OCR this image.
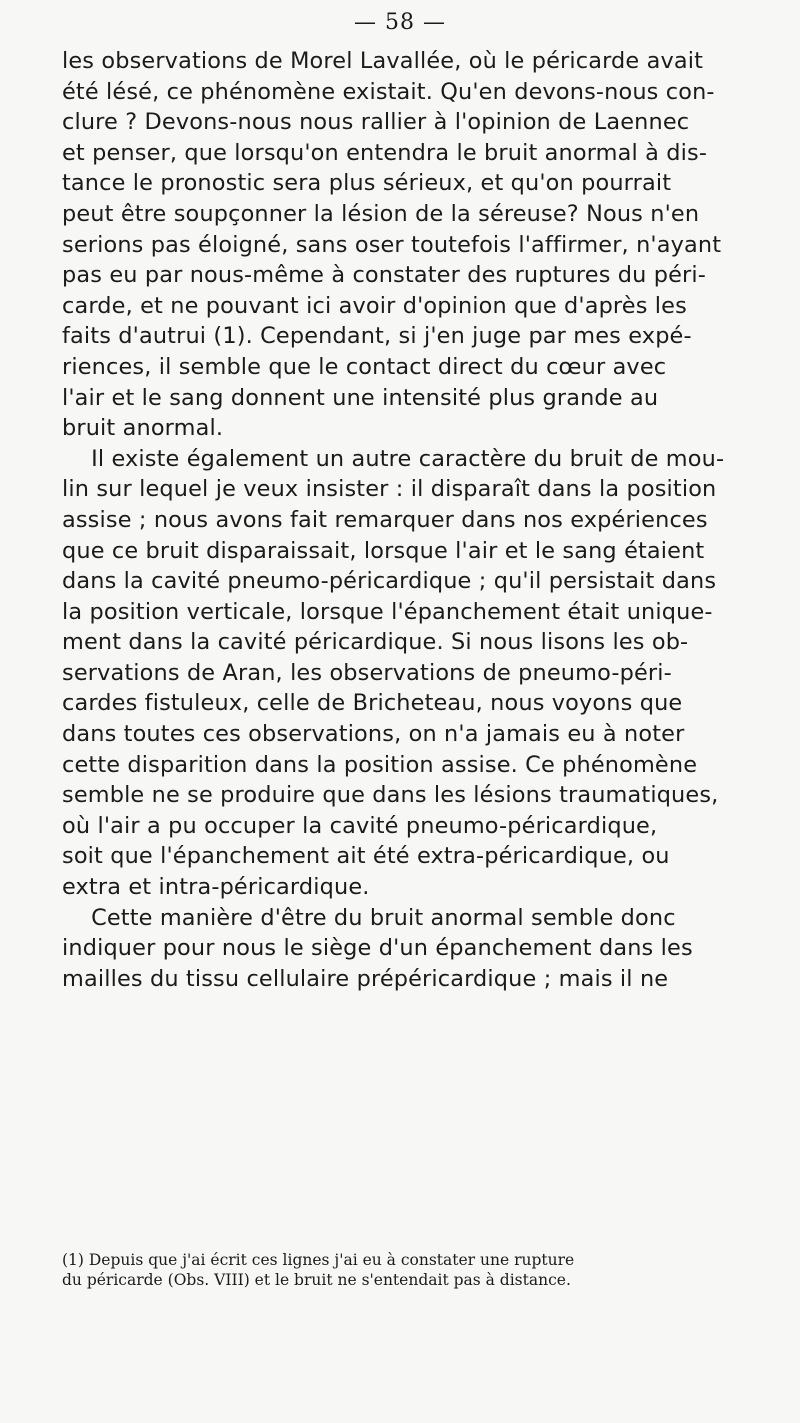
— 58 —
les observations de Morel Lavallée, où le péricarde avait
été lésé, ce phénomène existait. Qu'en devons-nous con-
clure ? Devons-nous nous rallier à l'opinion de Laennec
et penser, que lorsqu'on entendra le bruit anormal à dis-
tance le pronostic sera plus sérieux, et qu'on pourrait
peut être soupçonner la lésion de la séreuse? Nous n'en
serions pas éloigné, sans oser toutefois l'affirmer, n'ayant
pas eu par nous-même à constater des ruptures du péri-
carde, et ne pouvant ici avoir d'opinion que d'après les
faits d'autrui (1). Cependant, si j'en juge par mes expé-
riences, il semble que le contact direct du cœur avec
l'air et le sang donnent une intensité plus grande au
bruit anormal.
Il existe également un autre caractère du bruit de mou-
lin sur lequel je veux insister : il disparaît dans la position
assise ; nous avons fait remarquer dans nos expériences
que ce bruit disparaissait, lorsque l'air et le sang étaient
dans la cavité pneumo-péricardique ; qu'il persistait dans
la position verticale, lorsque l'épanchement était unique-
ment dans la cavité péricardique. Si nous lisons les ob-
servations de Aran, les observations de pneumo-péri-
cardes fistuleux, celle de Bricheteau, nous voyons que
dans toutes ces observations, on n'a jamais eu à noter
cette disparition dans la position assise. Ce phénomène
semble ne se produire que dans les lésions traumatiques,
où l'air a pu occuper la cavité pneumo-péricardique,
soit que l'épanchement ait été extra-péricardique, ou
extra et intra-péricardique.
Cette manière d'être du bruit anormal semble donc
indiquer pour nous le siège d'un épanchement dans les
mailles du tissu cellulaire prépéricardique ; mais il ne
(1) Depuis que j'ai écrit ces lignes j'ai eu à constater une rupture
du péricarde (Obs. VIII) et le bruit ne s'entendait pas à distance.
